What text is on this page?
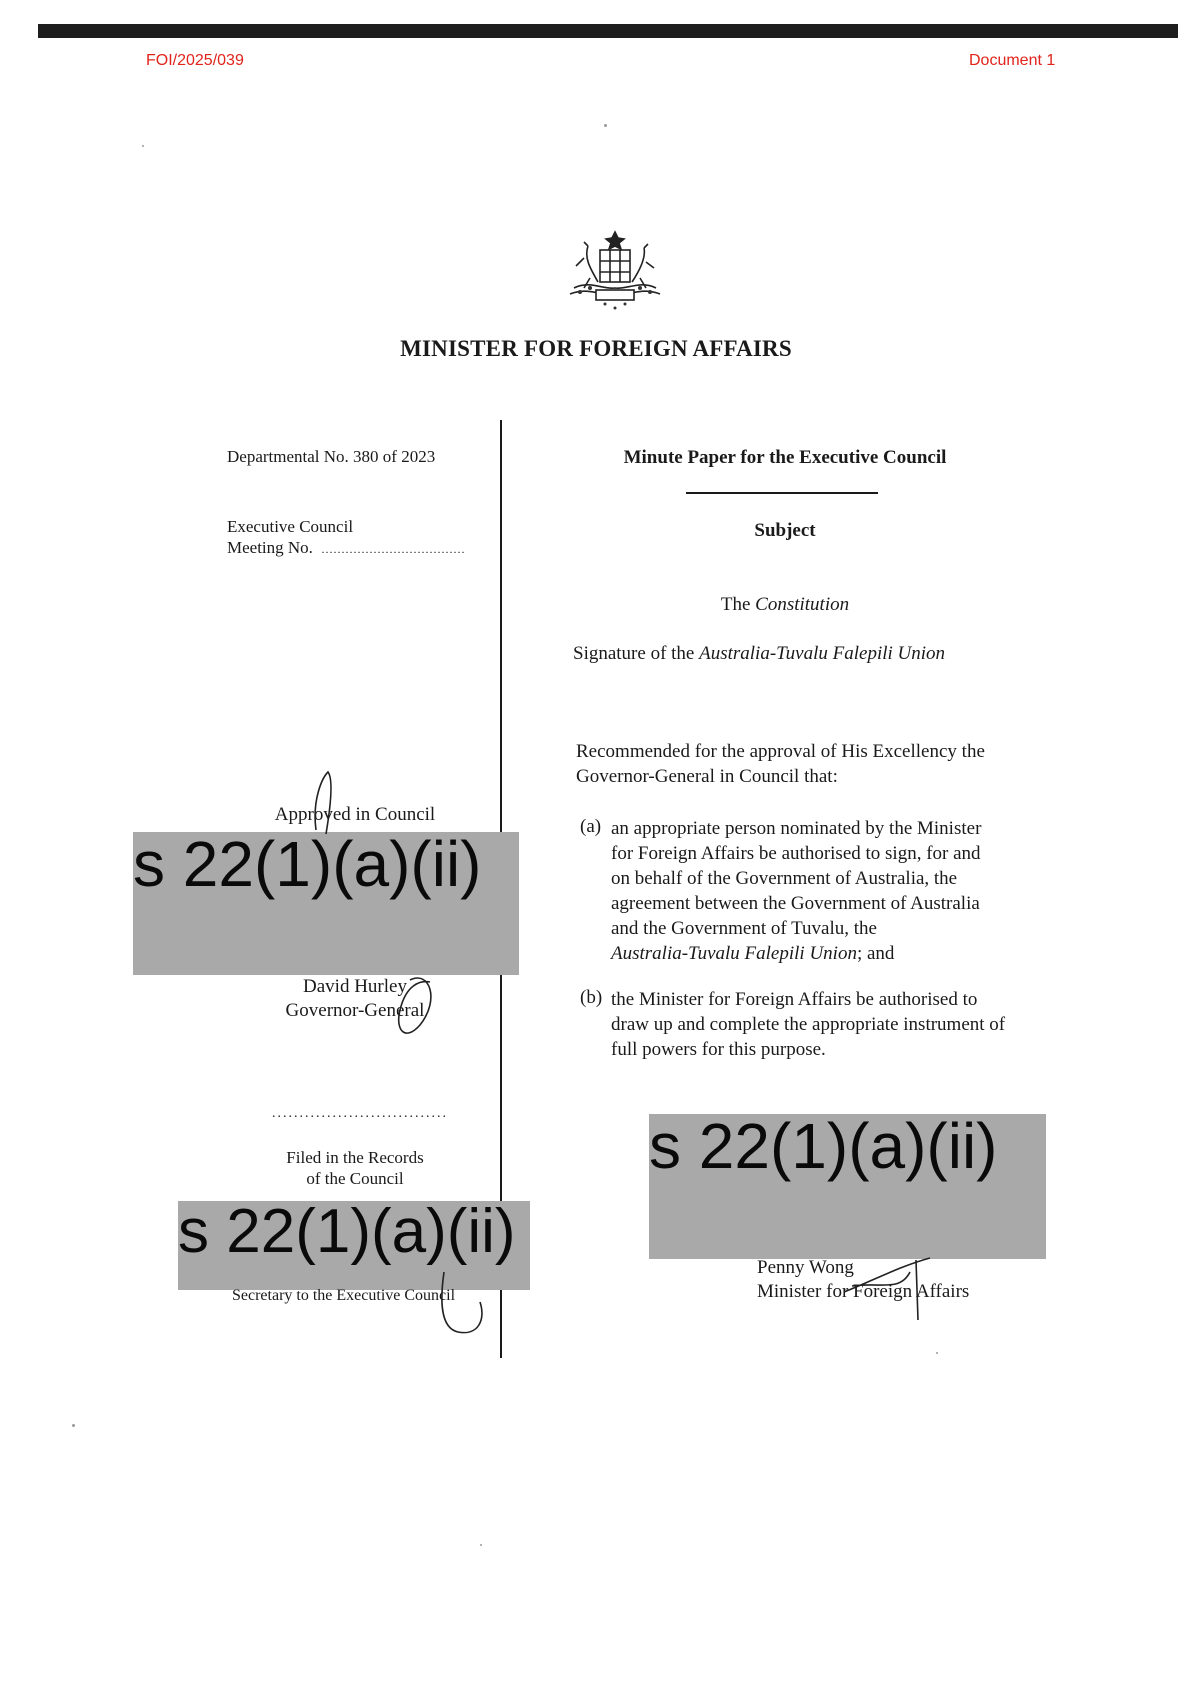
FOI/2025/039	Document 1
MINISTER FOR FOREIGN AFFAIRS
Departmental No. 380 of 2023
Executive Council
Meeting No. ....................................
Approved in Council
s 22(1)(a)(ii)
David Hurley
Governor-General
................................
Filed in the Records
of the Council
s 22(1)(a)(ii)
Secretary to the Executive Council
Minute Paper for the Executive Council
Subject
The Constitution
Signature of the Australia-Tuvalu Falepili Union
Recommended for the approval of His Excellency the
Governor-General in Council that:
(a) an appropriate person nominated by the Minister
for Foreign Affairs be authorised to sign, for and
on behalf of the Government of Australia, the
agreement between the Government of Australia
and the Government of Tuvalu, the
Australia-Tuvalu Falepili Union; and
(b) the Minister for Foreign Affairs be authorised to
draw up and complete the appropriate instrument of
full powers for this purpose.
s 22(1)(a)(ii)
Penny Wong
Minister for Foreign Affairs
